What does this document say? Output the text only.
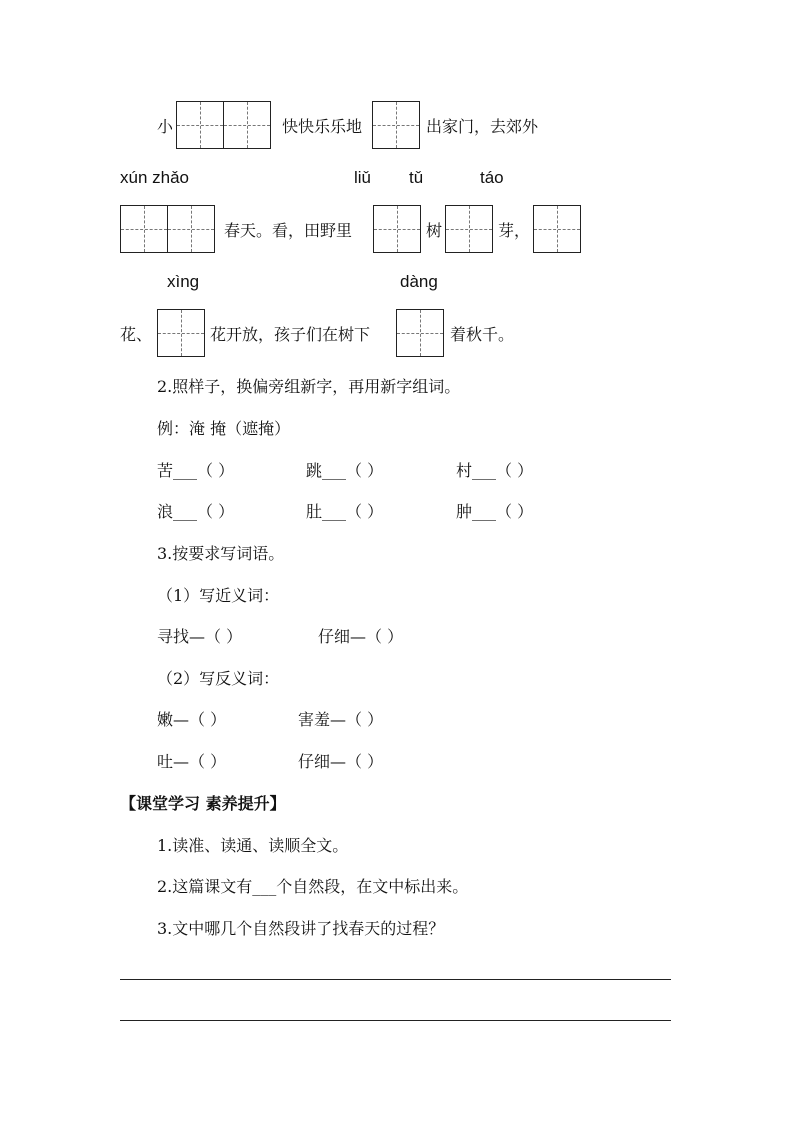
小	快快乐乐地	出家门，去郊外
xún zhǎo	liǔ tǔ	táo
春天。看，田野里	树	芽，
xìng	dàng
花、	花开放，孩子们在树下	着秋千。
2.照样子，换偏旁组新字，再用新字组词。
例：淹 掩（遮掩）
苦___（ ）	跳___（ ）	村___（ ）
浪___（ ）	肚___（ ）	肿___（ ）
3.按要求写词语。
（1）写近义词：
寻找—（ ）	仔细—（ ）
（2）写反义词：
嫩—（ ）	害羞—（ ）
吐—（ ）	仔细—（ ）
【课堂学习 素养提升】
1.读准、读通、读顺全文。
2.这篇课文有___个自然段，在文中标出来。
3.文中哪几个自然段讲了找春天的过程？
